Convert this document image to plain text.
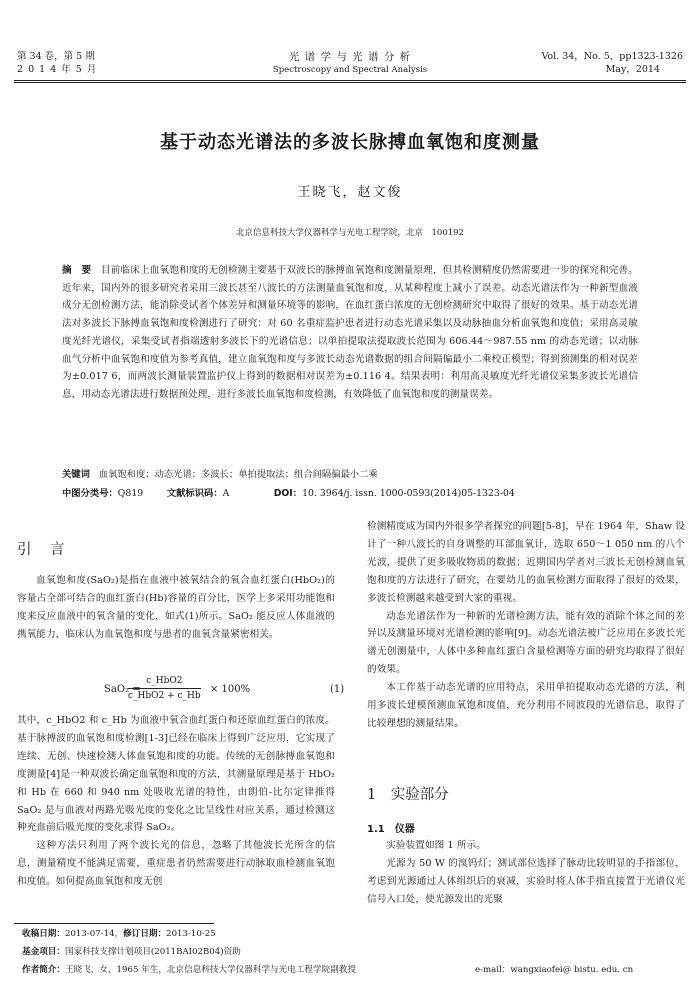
第 34 卷，第 5 期
2 0 1 4 年 5 月
光 谱 学 与 光 谱 分 析
Spectroscopy and Spectral Analysis
Vol. 34，No. 5，pp1323-1326
May，2014
基于动态光谱法的多波长脉搏血氧饱和度测量
王晓飞，赵文俊
北京信息科技大学仪器科学与光电工程学院，北京　100192
摘　要 目前临床上血氧饱和度的无创检测主要基于双波长的脉搏血氧饱和度测量原理，但其检测精度仍然需要进一步的探究和完善。近年来，国内外的很多研究者采用三波长甚至八波长的方法测量血氧饱和度，从某种程度上减小了误差。动态光谱法作为一种新型血液成分无创检测方法，能消除受试者个体差异和测量环境等的影响，在血红蛋白浓度的无创检测研究中取得了很好的效果。基于动态光谱法对多波长下脉搏血氧饱和度检测进行了研究：对 60 名重症监护患者进行动态光谱采集以及动脉抽血分析血氧饱和度值；采用高灵敏度光纤光谱仪，采集受试者指端透射多波长下的光谱信息；以单拍提取法提取波长范围为 606.44～987.55 nm 的动态光谱；以动脉血气分析中血氧饱和度值为参考真值，建立血氧饱和度与多波长动态光谱数据的组合间隔偏最小二乘校正模型；得到预测集的相对误差为±0.017 6，而两波长测量装置监护仪上得到的数据相对误差为±0.116 4。结果表明：利用高灵敏度光纤光谱仪采集多波长光谱信息，用动态光谱法进行数据预处理，进行多波长血氧饱和度检测，有效降低了血氧饱和度的测量误差。
关键词 血氧饱和度；动态光谱；多波长；单拍提取法；组合间隔偏最小二乘
中图分类号：Q819	文献标识码：A	DOI：10. 3964/j. issn. 1000-0593(2014)05-1323-04
引　言

血氧饱和度(SaO₂)是指在血液中被氧结合的氧合血红蛋白(HbO₂)的容量占全部可结合的血红蛋白(Hb)容量的百分比，医学上多采用功能饱和度来反应血液中的氧含量的变化，如式(1)所示。SaO₂ 能反应人体血液的携氧能力，临床认为血氧饱和度与患者的血氧含量紧密相关。

SaO₂ =
c_HbO2
c_HbO2 + c_Hb
× 100%	(1)

其中，c_HbO2 和 c_Hb 为血液中氧合血红蛋白和还原血红蛋白的浓度。基于脉搏波的血氧饱和度检测[1-3]已经在临床上得到广泛应用，它实现了连续、无创、快速检测人体血氧饱和度的功能。传统的无创脉搏血氧饱和度测量[4]是一种双波长确定血氧饱和度的方法，其测量原理是基于 HbO₂ 和 Hb 在 660 和 940 nm 处吸收光谱的特性，由朗伯-比尔定律推得 SaO₂ 是与血液对两路光吸光度的变化之比呈线性对应关系，通过检测这种充血前后吸光度的变化求得 SaO₂。

这种方法只利用了两个波长光的信息，忽略了其他波长光所含的信息，测量精度不能满足需要，重症患者仍然需要进行动脉取血检测血氧饱和度值。如何提高血氧饱和度无创

检测精度成为国内外很多学者探究的问题[5-8]，早在 1964 年，Shaw 设计了一种八波长的自身调整的耳部血氧计，选取 650～1 050 nm 的八个光波，提供了更多吸收物质的数据；近期国内学者对三波长无创检测血氧饱和度的方法进行了研究，在要幼儿的血氧检测方面取得了很好的效果，多波长检测越来越受到大家的重视。

动态光谱法作为一种新的光谱检测方法，能有效的消除个体之间的差异以及测量环境对光谱检测的影响[9]。动态光谱法被广泛应用在多波长光谱无创测量中，人体中多种血红蛋白含量检测等方面的研究均取得了很好的效果。

本工作基于动态光谱的应用特点，采用单拍提取动态光谱的方法，利用多波长建模预测血氧饱和度值，充分利用不同波段的光谱信息，取得了比较理想的测量结果。

1　实验部分
1.1　仪器

实验装置如图 1 所示。

光源为 50 W 的溴钨灯；测试部位选择了脉动比较明显的手指部位，考虑到光源通过人体组织后的衰减，实验时将人体手指直接置于光谱仪光信号入口处，使光源发出的光聚

收稿日期：2013-07-14，修订日期：2013-10-25
基金项目：国家科技支撑计划项目(2011BAI02B04)资助
作者简介：王晓飞，女，1965 年生，北京信息科技大学仪器科学与光电工程学院副教授	e-mail：wangxiaofei@ bistu. edu. cn
